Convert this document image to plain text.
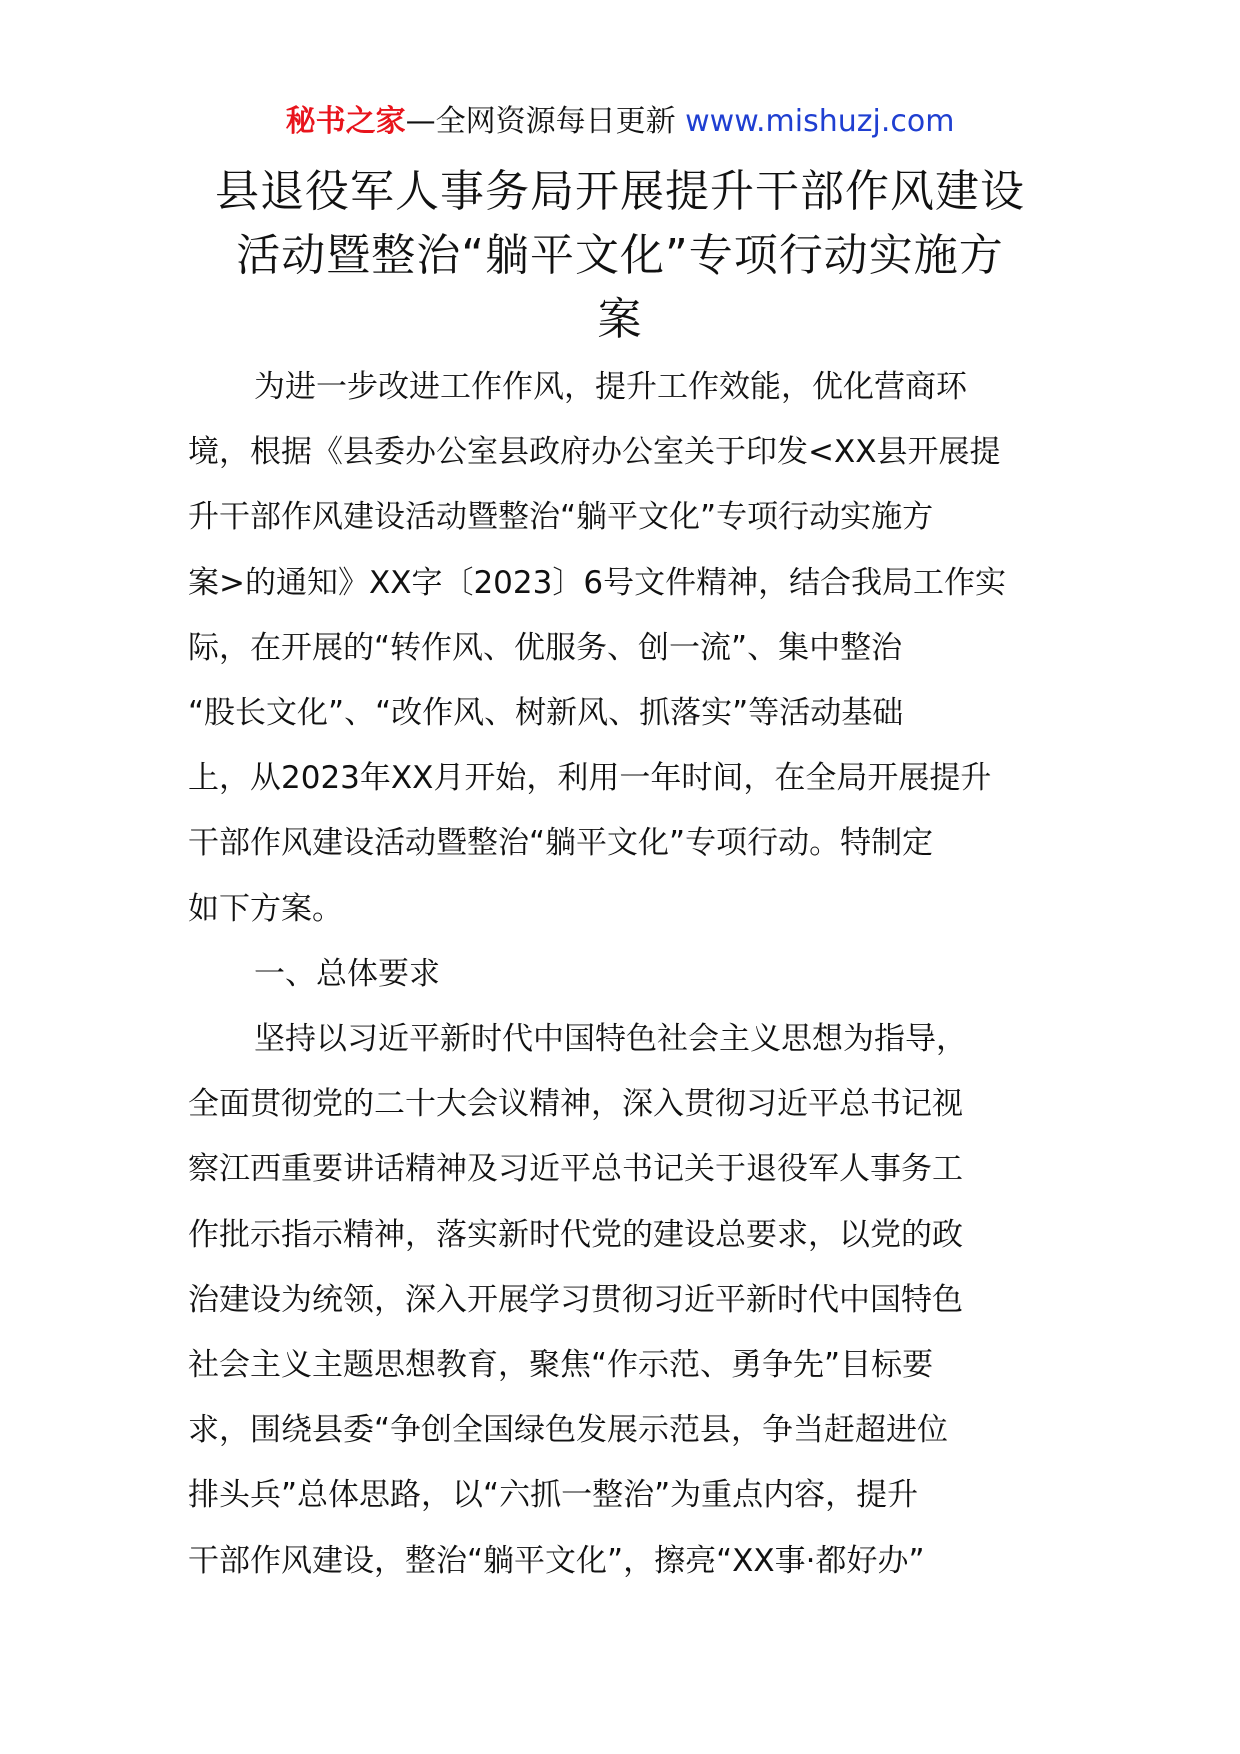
秘书之家—全网资源每日更新 www.mishuzj.com
县退役军人事务局开展提升干部作风建设
活动暨整治“躺平文化”专项行动实施方
案

为进一步改进工作作风，提升工作效能，优化营商环
境，根据《县委办公室县政府办公室关于印发<XX县开展提
升干部作风建设活动暨整治“躺平文化”专项行动实施方
案>的通知》XX字〔2023〕6号文件精神，结合我局工作实
际，在开展的“转作风、优服务、创一流”、集中整治
“股长文化”、“改作风、树新风、抓落实”等活动基础
上，从2023年XX月开始，利用一年时间，在全局开展提升
干部作风建设活动暨整治“躺平文化”专项行动。特制定
如下方案。

一、总体要求

坚持以习近平新时代中国特色社会主义思想为指导，
全面贯彻党的二十大会议精神，深入贯彻习近平总书记视
察江西重要讲话精神及习近平总书记关于退役军人事务工
作批示指示精神，落实新时代党的建设总要求，以党的政
治建设为统领，深入开展学习贯彻习近平新时代中国特色
社会主义主题思想教育，聚焦“作示范、勇争先”目标要
求，围绕县委“争创全国绿色发展示范县，争当赶超进位
排头兵”总体思路，以“六抓一整治”为重点内容，提升
干部作风建设，整治“躺平文化”，擦亮“XX事·都好办”
